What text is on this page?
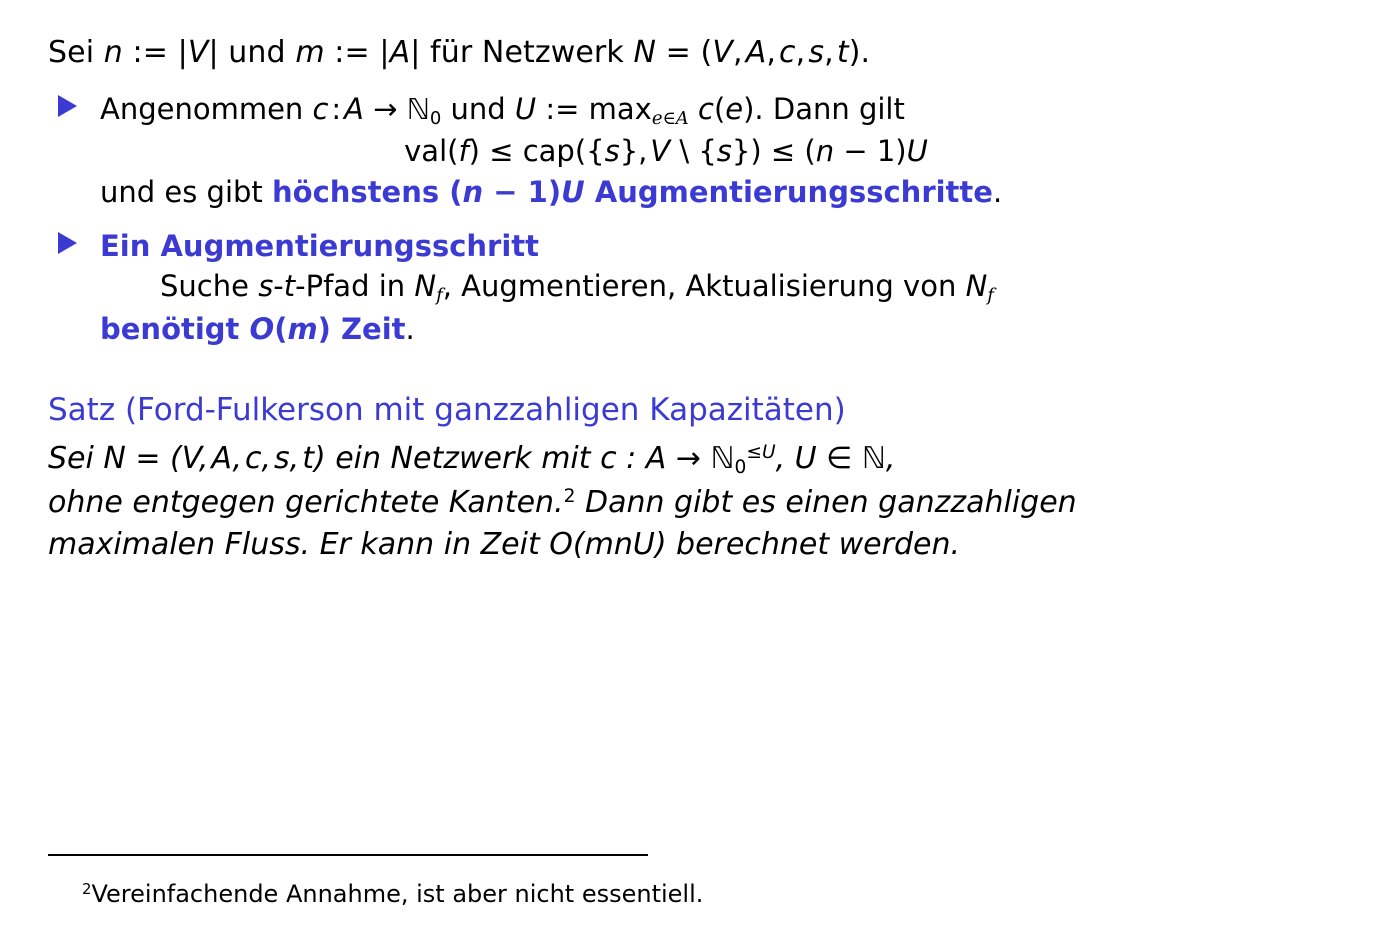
Sei n := |V| und m := |A| für Netzwerk N = (V, A, c, s, t).
Angenommen c : A → ℕ0 und U := $\max_{e\in A} c(e)$. Dann gilt
val(f) ≤ cap({s}, V \ {s}) ≤ (n − 1)U
und es gibt höchstens (n − 1)U Augmentierungsschritte.
Ein Augmentierungsschritt
Suche s-t-Pfad in $N_f$, Augmentieren, Aktualisierung von $N_f$
benötigt O(m) Zeit.
Satz (Ford-Fulkerson mit ganzzahligen Kapazitäten)
Sei N = (V, A, c, s, t) ein Netzwerk mit c : $A \to ℕ0^{\le U}$, U ∈ ℕ,
ohne entgegen gerichtete Kanten.$^2$ Dann gibt es einen ganzzahligen
maximalen Fluss. Er kann in Zeit O(mnU) berechnet werden.
$^2$Vereinfachende Annahme, ist aber nicht essentiell.
